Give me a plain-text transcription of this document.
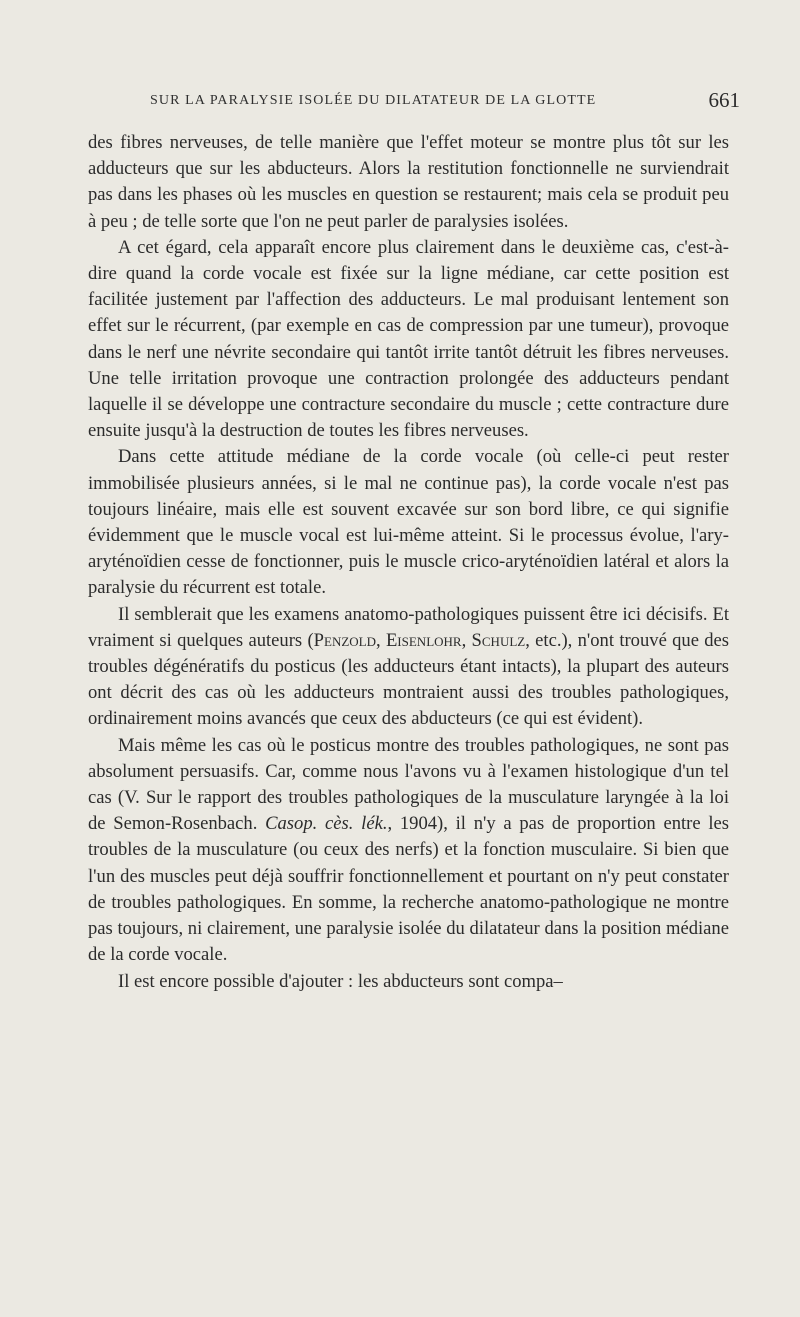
SUR LA PARALYSIE ISOLÉE DU DILATATEUR DE LA GLOTTE	661

des fibres nerveuses, de telle manière que l'effet moteur se montre plus tôt sur les adducteurs que sur les abducteurs. Alors la restitution fonctionnelle ne surviendrait pas dans les phases où les muscles en question se restaurent; mais cela se produit peu à peu ; de telle sorte que l'on ne peut parler de paralysies isolées.

A cet égard, cela apparaît encore plus clairement dans le deuxième cas, c'est-à-dire quand la corde vocale est fixée sur la ligne médiane, car cette position est facilitée justement par l'affection des adducteurs. Le mal produisant lentement son effet sur le récurrent, (par exemple en cas de compression par une tumeur), provoque dans le nerf une névrite secondaire qui tantôt irrite tantôt détruit les fibres nerveuses. Une telle irritation provoque une contraction prolongée des adducteurs pendant laquelle il se développe une contracture secondaire du muscle ; cette contracture dure ensuite jusqu'à la destruction de toutes les fibres nerveuses.

Dans cette attitude médiane de la corde vocale (où celle-ci peut rester immobilisée plusieurs années, si le mal ne continue pas), la corde vocale n'est pas toujours linéaire, mais elle est souvent excavée sur son bord libre, ce qui signifie évidemment que le muscle vocal est lui-même atteint. Si le processus évolue, l'ary-aryténoïdien cesse de fonctionner, puis le muscle crico-aryténoïdien latéral et alors la paralysie du récurrent est totale.

Il semblerait que les examens anatomo-pathologiques puissent être ici décisifs. Et vraiment si quelques auteurs (Penzold, Eisenlohr, Schulz, etc.), n'ont trouvé que des troubles dégénératifs du posticus (les adducteurs étant intacts), la plupart des auteurs ont décrit des cas où les adducteurs montraient aussi des troubles pathologiques, ordinairement moins avancés que ceux des abducteurs (ce qui est évident).

Mais même les cas où le posticus montre des troubles pathologiques, ne sont pas absolument persuasifs. Car, comme nous l'avons vu à l'examen histologique d'un tel cas (V. Sur le rapport des troubles pathologiques de la musculature laryngée à la loi de Semon-Rosenbach. Casop. cès. lék., 1904), il n'y a pas de proportion entre les troubles de la musculature (ou ceux des nerfs) et la fonction musculaire. Si bien que l'un des muscles peut déjà souffrir fonctionnellement et pourtant on n'y peut constater de troubles pathologiques. En somme, la recherche anatomo-pathologique ne montre pas toujours, ni clairement, une paralysie isolée du dilatateur dans la position médiane de la corde vocale.

Il est encore possible d'ajouter : les abducteurs sont compa–
